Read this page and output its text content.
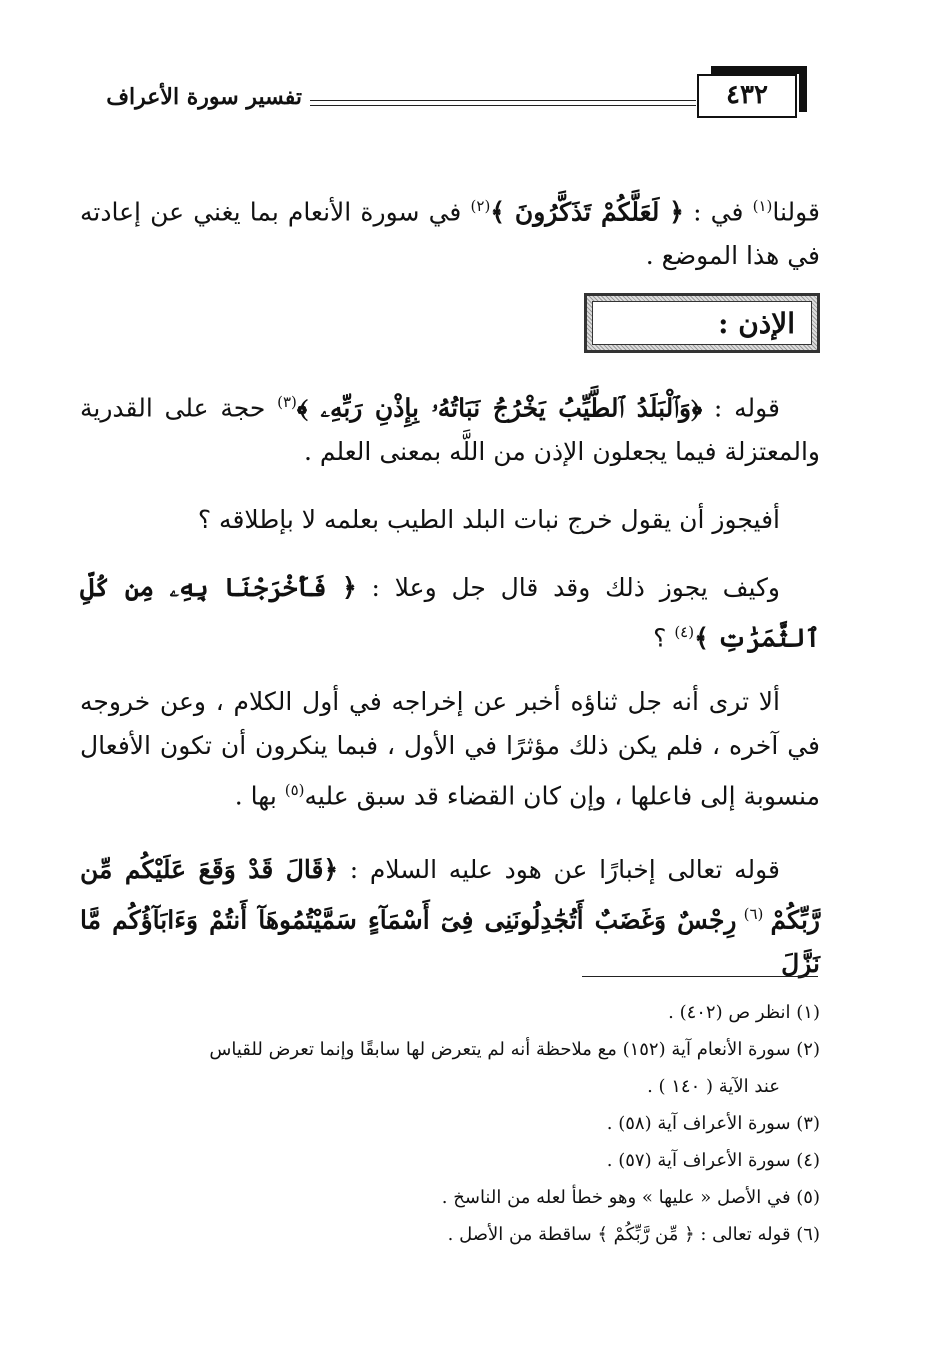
٤٣٢
تفسير سورة الأعراف

قولنا$^{(١)}$ في : ﴿ لَعَلَّكُمْ تَذَكَّرُونَ ﴾$^{(٢)}$ في سورة الأنعام بما يغني عن إعادته في هذا الموضع .

الإذن :

قوله : ﴿وَٱلْبَلَدُ ٱلطَّيِّبُ يَخْرُجُ نَبَاتُهُۥ بِإِذْنِ رَبِّهِۦ ﴾$^{(٣)}$ حجة على القدرية والمعتزلة فيما يجعلون الإذن من اللَّه بمعنى العلم .

أفيجوز أن يقول خرج نبات البلد الطيب بعلمه لا بإطلاقه ؟

وكيف يجوز ذلك وقد قال جل وعلا : ﴿ فَأَخْرَجْنَا بِهِۦ مِن كُلِّ ٱلثَّمَرَٰتِ ﴾$^{(٤)}$ ؟

ألا ترى أنه جل ثناؤه أخبر عن إخراجه في أول الكلام ، وعن خروجه في آخره ، فلم يكن ذلك مؤثرًا في الأول ، فبما ينكرون أن تكون الأفعال منسوبة إلى فاعلها ، وإن كان القضاء قد سبق عليه$^{(٥)}$ بها .

قوله تعالى إخبارًا عن هود عليه السلام : ﴿قَالَ قَدْ وَقَعَ عَلَيْكُم مِّن رَّبِّكُمْ $^{(٦)}$ رِجْسٌ وَغَضَبٌ أَتُجَٰدِلُونَنِى فِىٓ أَسْمَآءٍ سَمَّيْتُمُوهَآ أَنتُمْ وَءَابَآؤُكُم مَّا نَزَّلَ

(١) انظر ص (٤٠٢) .

(٢) سورة الأنعام آية (١٥٢) مع ملاحظة أنه لم يتعرض لها سابقًا وإنما تعرض للقياس

عند الآية ( ١٤٠ ) .

(٣) سورة الأعراف آية (٥٨) .

(٤) سورة الأعراف آية (٥٧) .

(٥) في الأصل « عليها » وهو خطأ لعله من الناسخ .

(٦) قوله تعالى : ﴿ مِّن رَّبِّكُمْ ﴾ ساقطة من الأصل .
